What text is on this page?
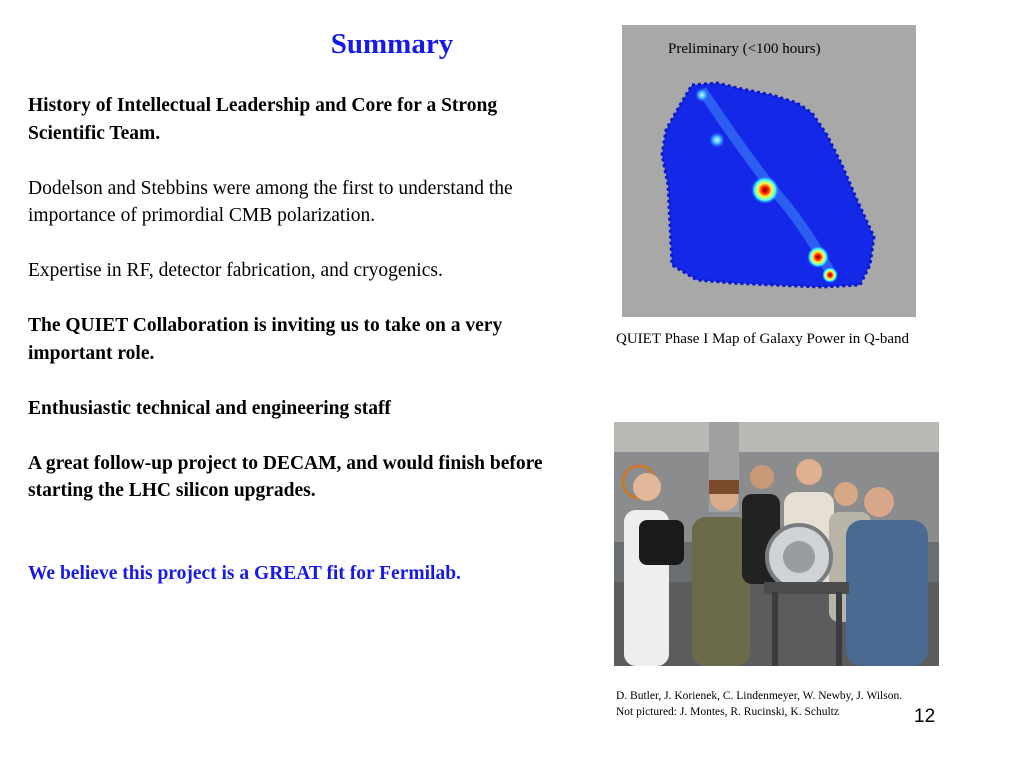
Summary

History of Intellectual Leadership and Core for a Strong Scientific Team.

Dodelson and Stebbins were among the first to understand the importance of primordial CMB polarization.

Expertise in RF, detector fabrication, and cryogenics.

The QUIET Collaboration is inviting us to take on a very important role.

Enthusiastic technical and engineering staff

A great follow-up project to DECAM, and would finish before starting the LHC silicon upgrades.

We believe this project is a GREAT fit for Fermilab.

Preliminary (<100 hours)
QUIET Phase I Map of Galaxy Power in Q-band
D. Butler, J. Korienek, C. Lindenmeyer, W. Newby, J. Wilson. Not pictured: J. Montes, R. Rucinski, K. Schultz	12
